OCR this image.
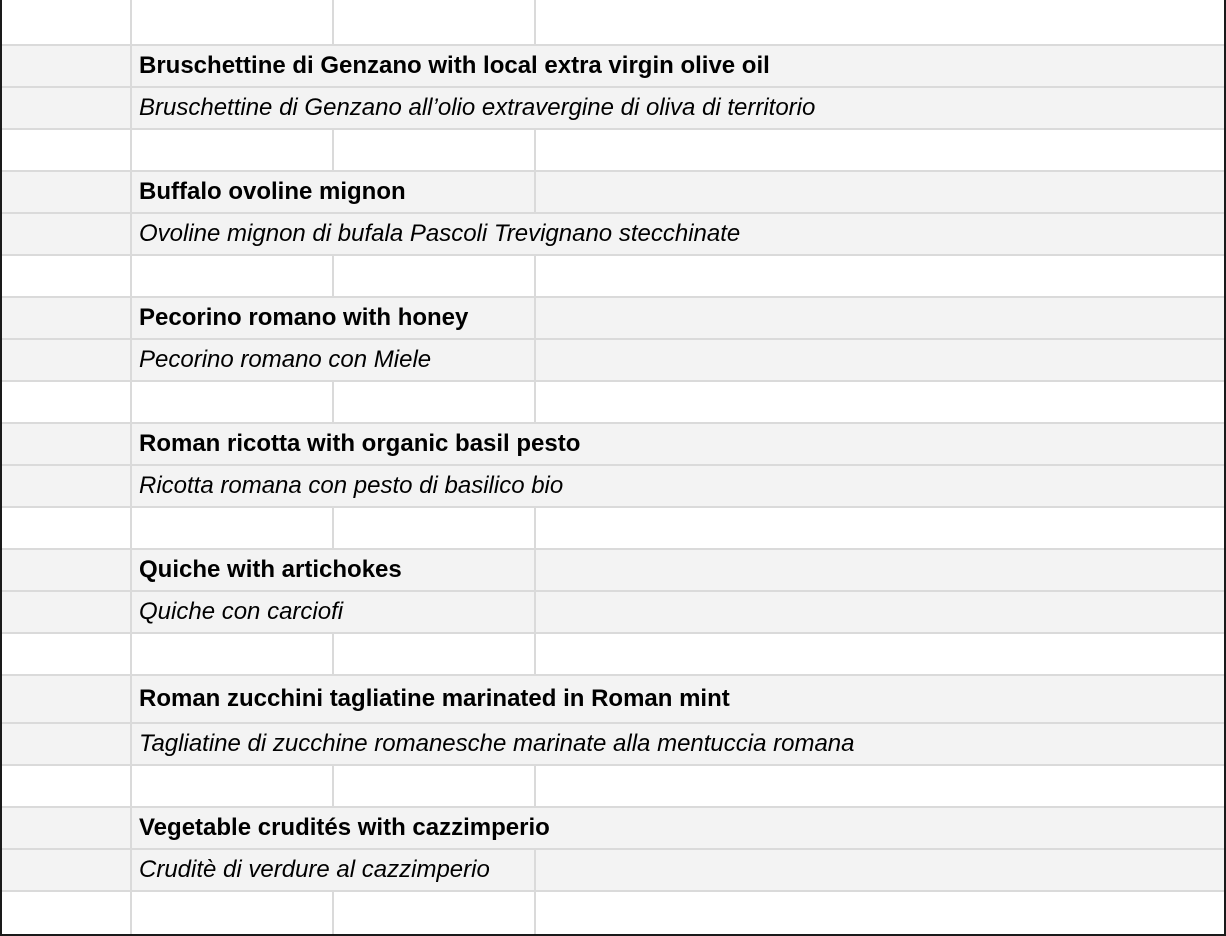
Bruschettine di Genzano with local extra virgin olive oil
Bruschettine di Genzano all’olio extravergine di oliva di territorio
Buffalo ovoline mignon
Ovoline mignon di bufala Pascoli Trevignano stecchinate
Pecorino romano with honey
Pecorino romano con Miele
Roman ricotta with organic basil pesto
Ricotta romana con pesto di basilico bio
Quiche with artichokes
Quiche con carciofi
Roman zucchini tagliatine marinated in Roman mint
Tagliatine di zucchine romanesche marinate alla mentuccia romana
Vegetable crudités with cazzimperio
Cruditè di verdure al cazzimperio
